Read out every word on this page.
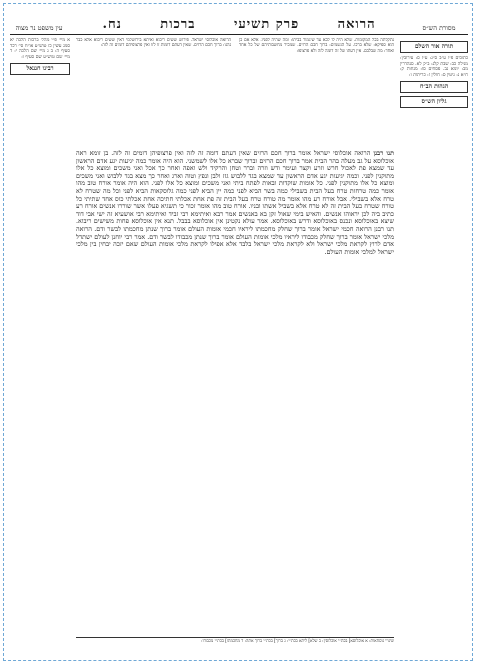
מסורת הש״ס
הרואה
פרק תשיעי
ברכות
נח.
עין משפט נר מצוה
תורה אור השלם
כתובים פ״ו ע״ב ס״ג: ע״ז ס: עירובין: מגילה כב: שבת קלג: ב״ק לא. סנהדרין מב: יומא נב. פסחים סו: מנחות ק: ח״א נ: גיטין ס: חולין ז: כריתות ו:
הגהות הב״ח
גליון הש״ס
א מיי׳ פ״י מהל׳ ברכות הלכה יא סמג עשין כז טוש״ע או״ח סי׳ רכד סעיף ה: ב ג מיי׳ שם הלכה י: ד מיי׳ שם טוש״ע שם סעיף ו:
רבינו חננאל
נתקלתה בכל המקומות. שלא היה לו לבא עד שיגמור בביתו: ומה שהיה לפניו. אלא אם כן הוא ספיקא: שלא ברכו. על הגשמים: ברוך חכם הרזים. שמכיר מחשבותיהם של כל אחד ואחד: מה שבלבם. אין דעתו של זה דומה לזה ולא פרצופו:
הרואה אוכלוסי ישראל. פירוש ששים ריבוא ואיתא בירושלמי דאין ששים ריבוא אלא כבר נהגו: ברוך חכם הרזים. שאין דעתם דומות זו לזו ואין פרצופיהם דומים זה לזה:
תנו רבנן הרואה אוכלוסי ישראל אומר ברוך חכם הרזים שאין דעתם דומה זה לזה ואין פרצופיהן דומים זה לזה. בן זומא ראה אוכלוסא על גב מעלה בהר הבית אמר ברוך חכם הרזים וברוך שברא כל אלו לשמשני. הוא היה אומר כמה יגיעות יגע אדם הראשון עד שמצא פת לאכול חרש וזרע וקצר ועימר ודש וזרה וברר וטחן והרקיד ולש ואפה ואחר כך אכל ואני משכים ומוצא כל אלו מתוקנין לפני. וכמה יגיעות יגע אדם הראשון עד שמצא בגד ללבוש גזז ולבן ונפץ וטוה וארג ואחר כך מצא בגד ללבוש ואני משכים ומוצא כל אלו מתוקנין לפני. כל אומות שוקדות ובאות לפתח ביתי ואני משכים ומוצא כל אלו לפני. הוא היה אומר אורח טוב מהו אומר כמה טרחות טרח בעל הבית בשבילי כמה בשר הביא לפני כמה יין הביא לפני כמה גלוסקאות הביא לפני וכל מה שטרח לא טרח אלא בשבילי. אבל אורח רע מהו אומר מה טורח טרח בעל הבית זה פת אחת אכלתי חתיכה אחת אכלתי כוס אחד שתיתי כל טורח שטרח בעל הבית זה לא טרח אלא בשביל אשתו ובניו. אורח טוב מהו אומר זכור כי תשגיא פעלו אשר שוררו אנשים אורח רע כתיב ביה לכן יראוהו אנשים. והאיש בימי שאול זקן בא באנשים אמר רבא ואיתימא רבי זביד ואיתימא רבי אושעיא זה ישי אבי דוד שיצא באוכלוסא ונכנס באוכלוסא ודרש באוכלוסא. אמר עולא נקטינן אין אוכלוסא בבבל. תנא אין אוכלוסא פחות משישים ריבוא. תנו רבנן הרואה חכמי ישראל אומר ברוך שחלק מחכמתו ליראיו חכמי אומות העולם אומר ברוך שנתן מחכמתו לבשר ודם. הרואה מלכי ישראל אומר ברוך שחלק מכבודו ליראיו מלכי אומות העולם אומר ברוך שנתן מכבודו לבשר ודם. אמר רבי יוחנן לעולם ישתדל אדם לרוץ לקראת מלכי ישראל ולא לקראת מלכי ישראל בלבד אלא אפילו לקראת מלכי אומות העולם שאם יזכה יבחין בין מלכי ישראל למלכי אומות העולם.
שינויי נוסחאות: א אוכלוסא] בכת״י אוכלוסין: ב שלא] ליתא בכת״י: ג ברוך] בכת״י ברוך אתה: ד מחכמתו] בכת״י מכבודו:
